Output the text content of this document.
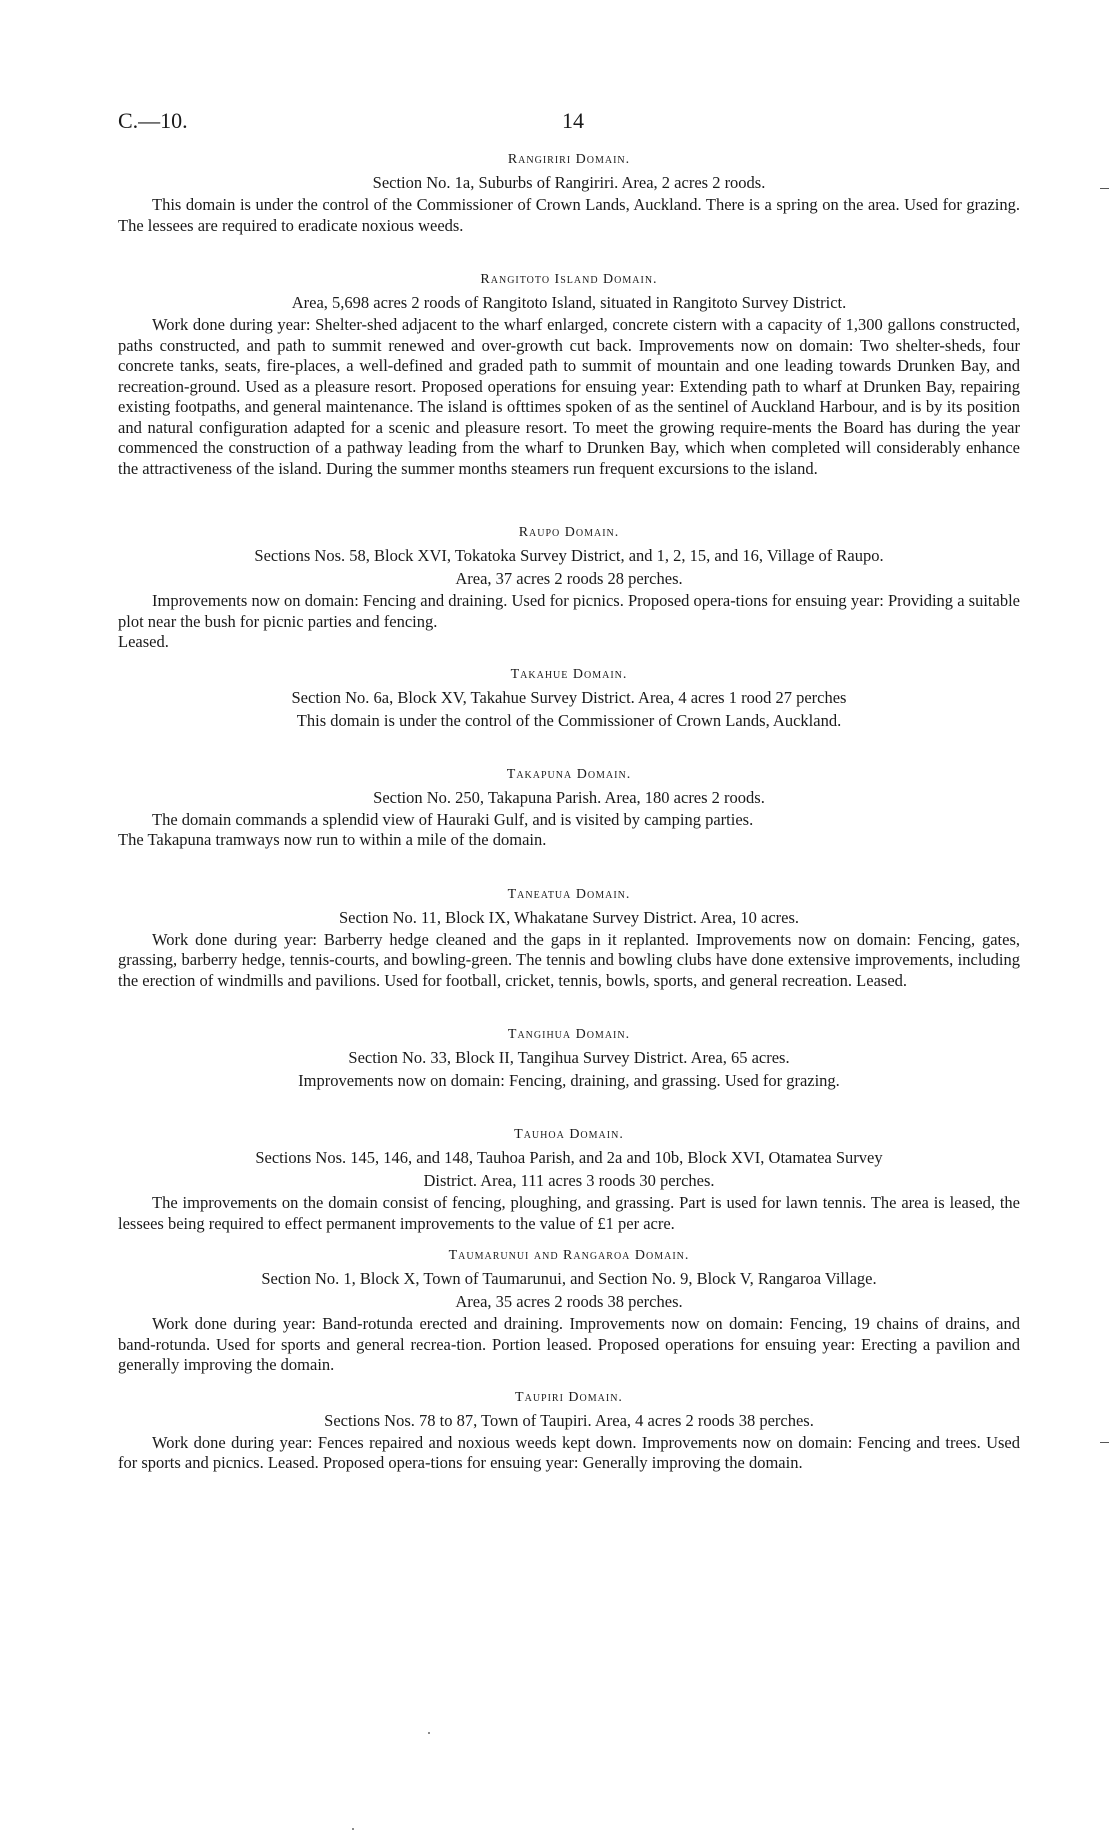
C.—10.	14
Rangiriri Domain.

Section No. 1a, Suburbs of Rangiriri. Area, 2 acres 2 roods.

This domain is under the control of the Commissioner of Crown Lands, Auckland. There is a spring on the area. Used for grazing. The lessees are required to eradicate noxious weeds.

Rangitoto Island Domain.

Area, 5,698 acres 2 roods of Rangitoto Island, situated in Rangitoto Survey District.

Work done during year: Shelter-shed adjacent to the wharf enlarged, concrete cistern with a capacity of 1,300 gallons constructed, paths constructed, and path to summit renewed and over-growth cut back. Improvements now on domain: Two shelter-sheds, four concrete tanks, seats, fire-places, a well-defined and graded path to summit of mountain and one leading towards Drunken Bay, and recreation-ground. Used as a pleasure resort. Proposed operations for ensuing year: Extending path to wharf at Drunken Bay, repairing existing footpaths, and general maintenance. The island is ofttimes spoken of as the sentinel of Auckland Harbour, and is by its position and natural configuration adapted for a scenic and pleasure resort. To meet the growing require-ments the Board has during the year commenced the construction of a pathway leading from the wharf to Drunken Bay, which when completed will considerably enhance the attractiveness of the island. During the summer months steamers run frequent excursions to the island.

Raupo Domain.

Sections Nos. 58, Block XVI, Tokatoka Survey District, and 1, 2, 15, and 16, Village of Raupo.

Area, 37 acres 2 roods 28 perches.

Improvements now on domain: Fencing and draining. Used for picnics. Proposed opera-tions for ensuing year: Providing a suitable plot near the bush for picnic parties and fencing.

Leased.

Takahue Domain.

Section No. 6a, Block XV, Takahue Survey District. Area, 4 acres 1 rood 27 perches

This domain is under the control of the Commissioner of Crown Lands, Auckland.

Takapuna Domain.

Section No. 250, Takapuna Parish. Area, 180 acres 2 roods.

The domain commands a splendid view of Hauraki Gulf, and is visited by camping parties.

The Takapuna tramways now run to within a mile of the domain.

Taneatua Domain.

Section No. 11, Block IX, Whakatane Survey District. Area, 10 acres.

Work done during year: Barberry hedge cleaned and the gaps in it replanted. Improvements now on domain: Fencing, gates, grassing, barberry hedge, tennis-courts, and bowling-green. The tennis and bowling clubs have done extensive improvements, including the erection of windmills and pavilions. Used for football, cricket, tennis, bowls, sports, and general recreation. Leased.

Tangihua Domain.

Section No. 33, Block II, Tangihua Survey District. Area, 65 acres.

Improvements now on domain: Fencing, draining, and grassing. Used for grazing.

Tauhoa Domain.

Sections Nos. 145, 146, and 148, Tauhoa Parish, and 2a and 10b, Block XVI, Otamatea Survey

District. Area, 111 acres 3 roods 30 perches.

The improvements on the domain consist of fencing, ploughing, and grassing. Part is used for lawn tennis. The area is leased, the lessees being required to effect permanent improvements to the value of £1 per acre.

Taumarunui and Rangaroa Domain.

Section No. 1, Block X, Town of Taumarunui, and Section No. 9, Block V, Rangaroa Village.

Area, 35 acres 2 roods 38 perches.

Work done during year: Band-rotunda erected and draining. Improvements now on domain: Fencing, 19 chains of drains, and band-rotunda. Used for sports and general recrea-tion. Portion leased. Proposed operations for ensuing year: Erecting a pavilion and generally improving the domain.

Taupiri Domain.

Sections Nos. 78 to 87, Town of Taupiri. Area, 4 acres 2 roods 38 perches.

Work done during year: Fences repaired and noxious weeds kept down. Improvements now on domain: Fencing and trees. Used for sports and picnics. Leased. Proposed opera-tions for ensuing year: Generally improving the domain.
